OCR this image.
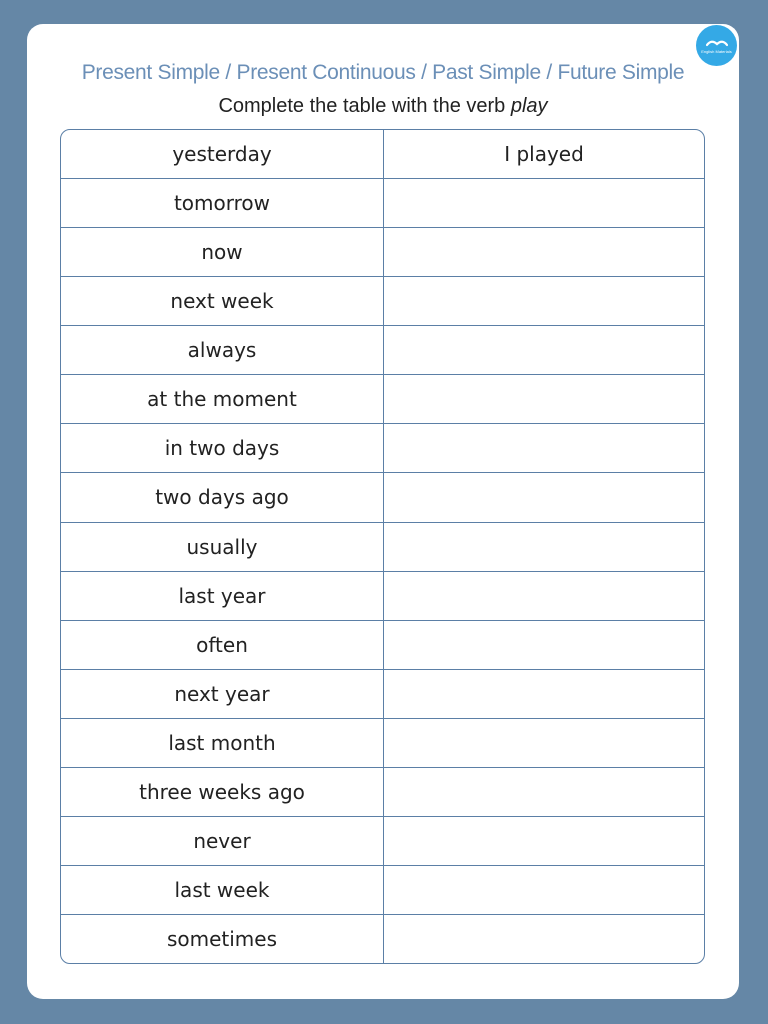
English Materials
Present Simple / Present Continuous / Past Simple / Future Simple
Complete the table with the verb play
yesterday	I played
tomorrow
now
next week
always
at the moment
in two days
two days ago
usually
last year
often
next year
last month
three weeks ago
never
last week
sometimes
